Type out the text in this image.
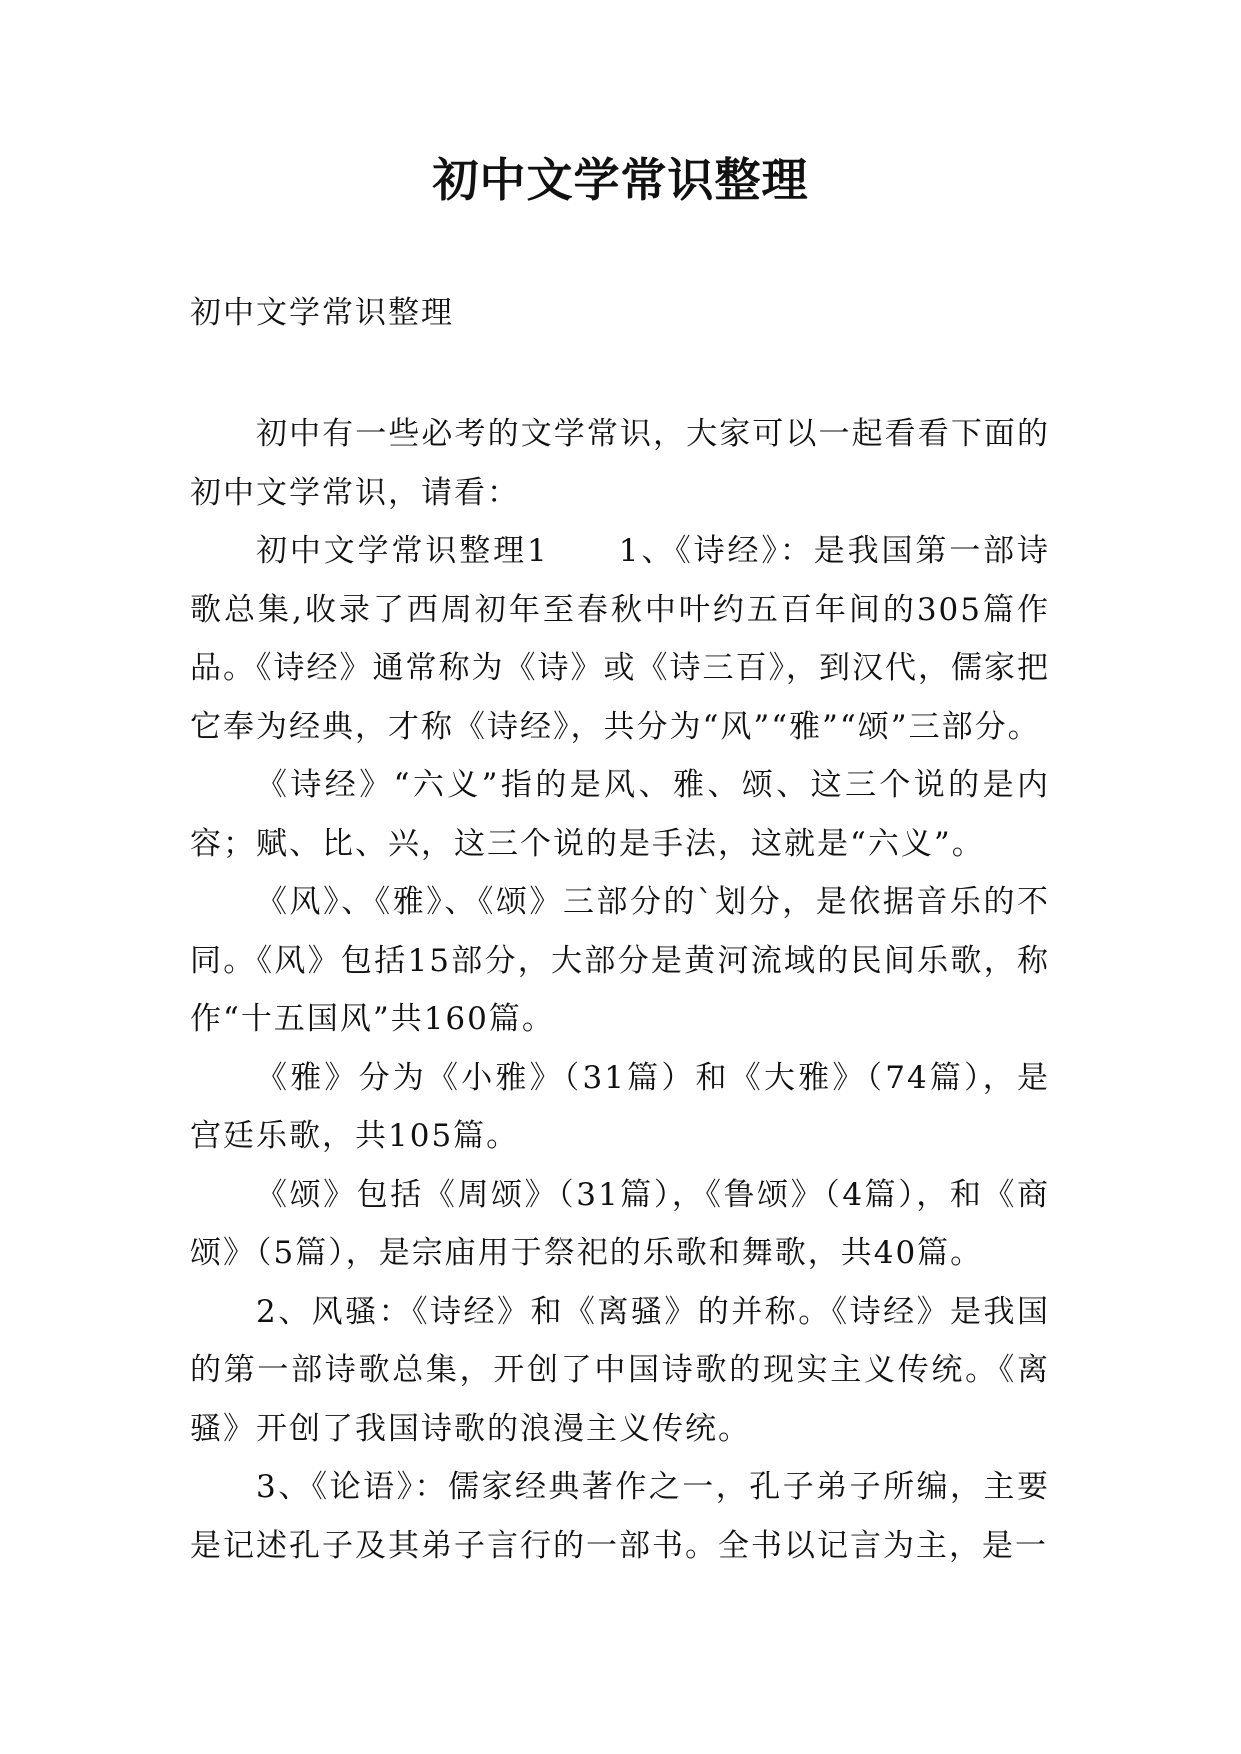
初中文学常识整理
初中文学常识整理

初中有一些必考的文学常识，大家可以一起看看下面的初中文学常识，请看：

初中文学常识整理1 1、《诗经》：是我国第一部诗歌总集,收录了西周初年至春秋中叶约五百年间的305篇作品。《诗经》通常称为《诗》或《诗三百》，到汉代，儒家把它奉为经典，才称《诗经》，共分为“风”“雅”“颂”三部分。

《诗经》“六义”指的是风、雅、颂、这三个说的是内容；赋、比、兴，这三个说的是手法，这就是“六义”。

《风》、《雅》、《颂》三部分的`划分，是依据音乐的不同。《风》包括15部分，大部分是黄河流域的民间乐歌，称作“十五国风”共160篇。

《雅》分为《小雅》（31篇）和《大雅》（74篇），是宫廷乐歌，共105篇。

《颂》包括《周颂》（31篇），《鲁颂》（4篇），和《商颂》（5篇），是宗庙用于祭祀的乐歌和舞歌，共40篇。

2、风骚：《诗经》和《离骚》的并称。《诗经》是我国的第一部诗歌总集，开创了中国诗歌的现实主义传统。《离骚》开创了我国诗歌的浪漫主义传统。

3、《论语》：儒家经典著作之一，孔子弟子所编，主要是记述孔子及其弟子言行的一部书。全书以记言为主，是一
